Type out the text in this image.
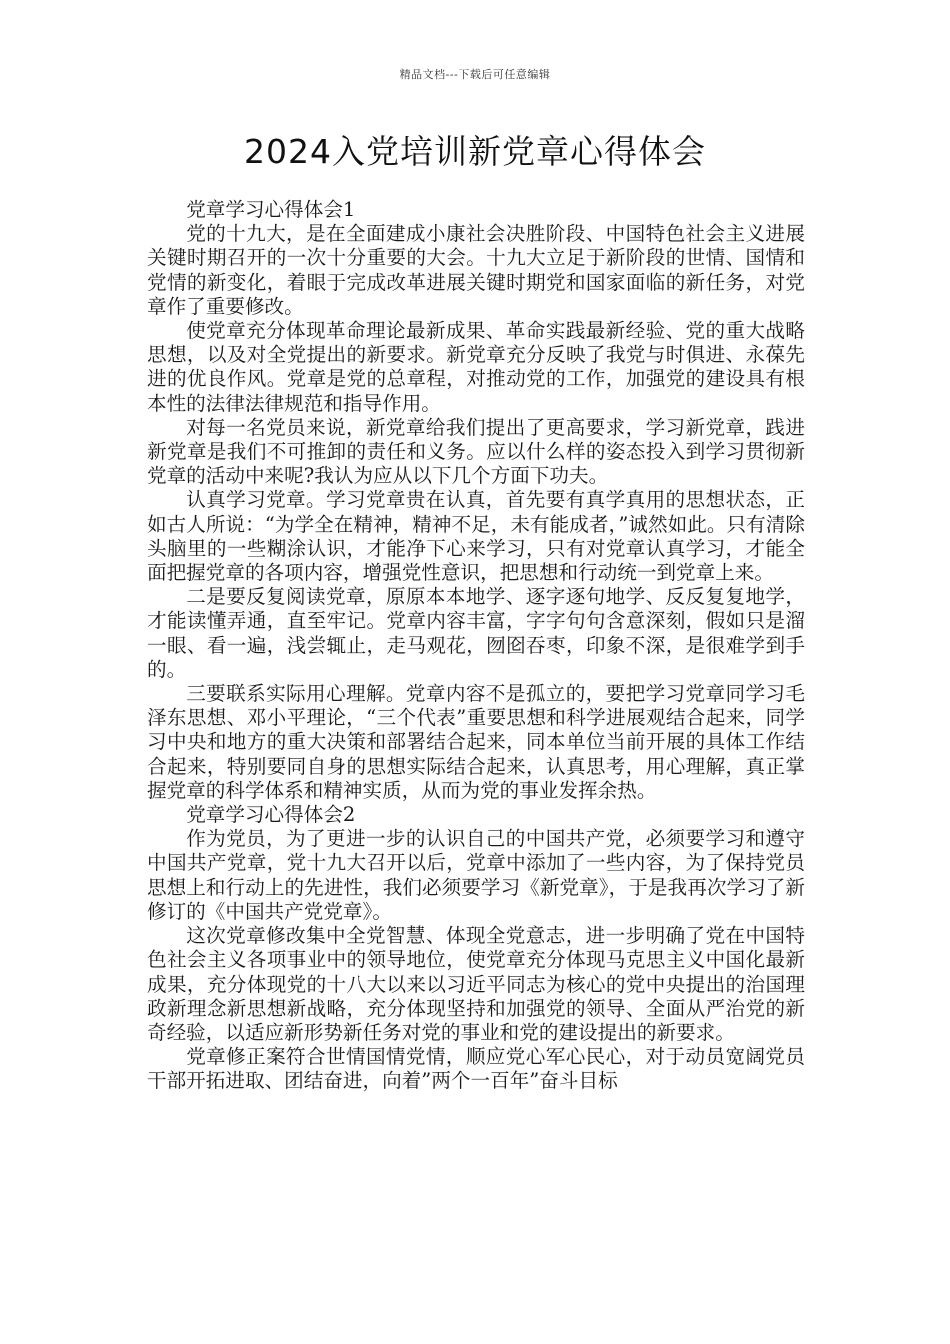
精品文档---下载后可任意编辑
2024入党培训新党章心得体会

党章学习心得体会1

党的十九大，是在全面建成小康社会决胜阶段、中国特色社会主义进展关键时期召开的一次十分重要的大会。十九大立足于新阶段的世情、国情和党情的新变化，着眼于完成改革进展关键时期党和国家面临的新任务，对党章作了重要修改。

使党章充分体现革命理论最新成果、革命实践最新经验、党的重大战略思想，以及对全党提出的新要求。新党章充分反映了我党与时俱进、永葆先进的优良作风。党章是党的总章程，对推动党的工作，加强党的建设具有根本性的法律法律规范和指导作用。

对每一名党员来说，新党章给我们提出了更高要求，学习新党章，践进新党章是我们不可推卸的责任和义务。应以什么样的姿态投入到学习贯彻新党章的活动中来呢?我认为应从以下几个方面下功夫。

认真学习党章。学习党章贵在认真，首先要有真学真用的思想状态，正如古人所说：“为学全在精神，精神不足，未有能成者，”诚然如此。只有清除头脑里的一些糊涂认识，才能净下心来学习，只有对党章认真学习，才能全面把握党章的各项内容，增强党性意识，把思想和行动统一到党章上来。

二是要反复阅读党章，原原本本地学、逐字逐句地学、反反复复地学，才能读懂弄通，直至牢记。党章内容丰富，字字句句含意深刻，假如只是溜一眼、看一遍，浅尝辄止，走马观花，囫囵吞枣，印象不深，是很难学到手的。

三要联系实际用心理解。党章内容不是孤立的，要把学习党章同学习毛泽东思想、邓小平理论，“三个代表”重要思想和科学进展观结合起来，同学习中央和地方的重大决策和部署结合起来，同本单位当前开展的具体工作结合起来，特别要同自身的思想实际结合起来，认真思考，用心理解，真正掌握党章的科学体系和精神实质，从而为党的事业发挥余热。

党章学习心得体会2

作为党员，为了更进一步的认识自己的中国共产党，必须要学习和遵守中国共产党章，党十九大召开以后，党章中添加了一些内容，为了保持党员思想上和行动上的先进性，我们必须要学习《新党章》，于是我再次学习了新修订的《中国共产党党章》。

这次党章修改集中全党智慧、体现全党意志，进一步明确了党在中国特色社会主义各项事业中的领导地位，使党章充分体现马克思主义中国化最新成果，充分体现党的十八大以来以习近平同志为核心的党中央提出的治国理政新理念新思想新战略，充分体现坚持和加强党的领导、全面从严治党的新奇经验，以适应新形势新任务对党的事业和党的建设提出的新要求。

党章修正案符合世情国情党情，顺应党心军心民心，对于动员宽阔党员干部开拓进取、团结奋进，向着”两个一百年”奋斗目标
